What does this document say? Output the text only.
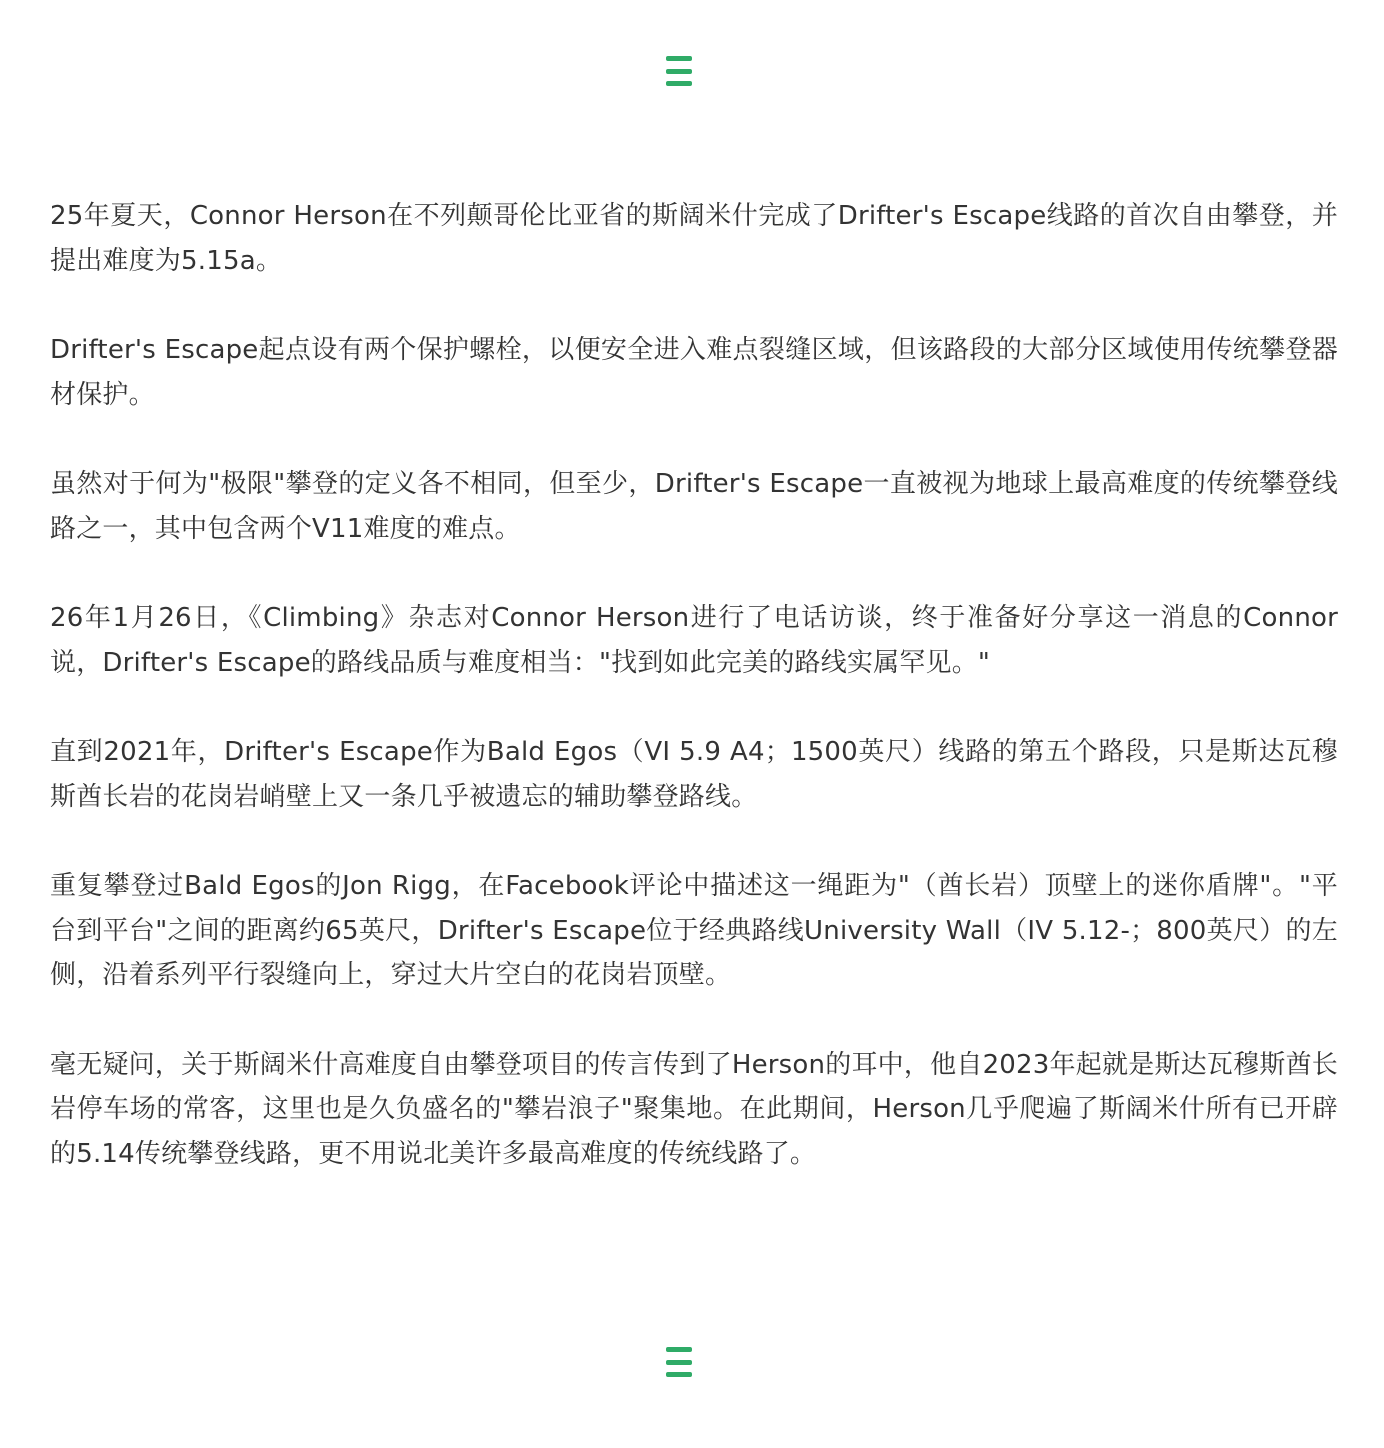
25年夏天，Connor Herson在不列颠哥伦比亚省的斯阔米什完成了Drifter's Escape线路的首次自由攀登，并提出难度为5.15a。

Drifter's Escape起点设有两个保护螺栓，以便安全进入难点裂缝区域，但该路段的大部分区域使用传统攀登器材保护。

虽然对于何为"极限"攀登的定义各不相同，但至少，Drifter's Escape一直被视为地球上最高难度的传统攀登线路之一，其中包含两个V11难度的难点。

26年1月26日，《Climbing》杂志对Connor Herson进行了电话访谈，终于准备好分享这一消息的Connor 说，Drifter's Escape的路线品质与难度相当："找到如此完美的路线实属罕见。"

直到2021年，Drifter's Escape作为Bald Egos（VI 5.9 A4；1500英尺）线路的第五个路段，只是斯达瓦穆斯酋长岩的花岗岩峭壁上又一条几乎被遗忘的辅助攀登路线。

重复攀登过Bald Egos的Jon Rigg，在Facebook评论中描述这一绳距为"（酋长岩）顶壁上的迷你盾牌"。"平台到平台"之间的距离约65英尺，Drifter's Escape位于经典路线University Wall（IV 5.12-；800英尺）的左侧，沿着系列平行裂缝向上，穿过大片空白的花岗岩顶壁。

毫无疑问，关于斯阔米什高难度自由攀登项目的传言传到了Herson的耳中，他自2023年起就是斯达瓦穆斯酋长岩停车场的常客，这里也是久负盛名的"攀岩浪子"聚集地。在此期间，Herson几乎爬遍了斯阔米什所有已开辟的5.14传统攀登线路，更不用说北美许多最高难度的传统线路了。
